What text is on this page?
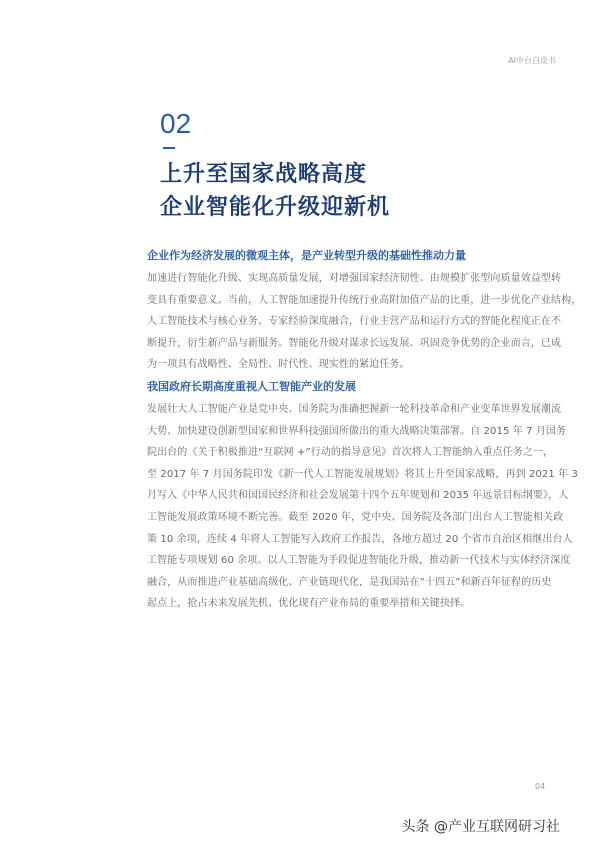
AI中台白皮书
02
上升至国家战略高度
企业智能化升级迎新机
企业作为经济发展的微观主体，是产业转型升级的基础性推动力量
加速进行智能化升级、实现高质量发展，对增强国家经济韧性、由规模扩张型向质量效益型转
变具有重要意义。当前，人工智能加速提升传统行业高附加值产品的比重，进一步优化产业结构，
人工智能技术与核心业务、专家经验深度融合，行业主营产品和运行方式的智能化程度正在不
断提升，衍生新产品与新服务。智能化升级对谋求长远发展、巩固竞争优势的企业而言，已成
为一项具有战略性、全局性、时代性、现实性的紧迫任务。
我国政府长期高度重视人工智能产业的发展
发展壮大人工智能产业是党中央、国务院为准确把握新一轮科技革命和产业变革世界发展潮流
大势、加快建设创新型国家和世界科技强国所做出的重大战略决策部署。自 2015 年 7 月国务
院出台的《关于积极推进“互联网 +”行动的指导意见》首次将人工智能纳入重点任务之一，
至 2017 年 7 月国务院印发《新一代人工智能发展规划》将其上升至国家战略，再到 2021 年 3
月写入《中华人民共和国国民经济和社会发展第十四个五年规划和 2035 年远景目标纲要》，人
工智能发展政策环境不断完善。截至 2020 年，党中央、国务院及各部门出台人工智能相关政
策 10 余项，连续 4 年将人工智能写入政府工作报告，各地方超过 20 个省市自治区相继出台人
工智能专项规划 60 余项。以人工智能为手段促进智能化升级，推动新一代技术与实体经济深度
融合，从而推进产业基础高级化、产业链现代化，是我国站在“十四五”和新百年征程的历史
起点上，抢占未来发展先机、优化现有产业布局的重要举措和关键抉择。
04
头条 @产业互联网研习社
